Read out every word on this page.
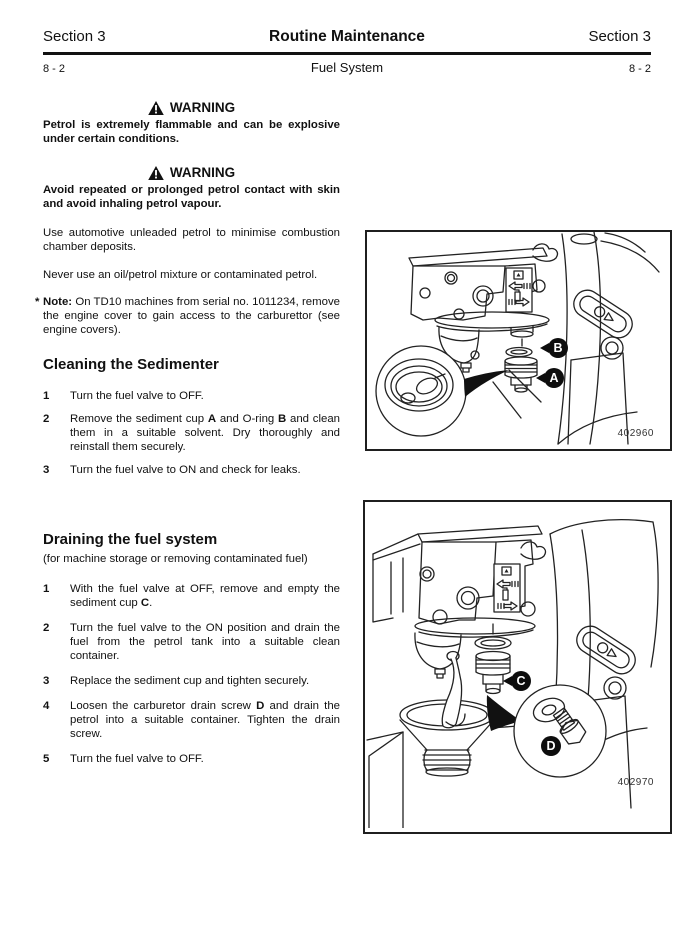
Section 3	Routine Maintenance	Section 3
8 - 2	Fuel System	8 - 2
WARNING
Petrol is extremely flammable and can be explosive under certain conditions.
WARNING
Avoid repeated or prolonged petrol contact with skin and avoid inhaling petrol vapour.
Use automotive unleaded petrol to minimise combustion chamber deposits.
Never use an oil/petrol mixture or contaminated petrol.
* Note: On TD10 machines from serial no. 1011234, remove the engine cover to gain access to the carburettor (see engine covers).
Cleaning the Sedimenter
1	Turn the fuel valve to OFF.
2	Remove the sediment cup A and O-ring B and clean them in a suitable solvent. Dry thoroughly and reinstall them securely.
3	Turn the fuel valve to ON and check for leaks.
Draining the fuel system
(for machine storage or removing contaminated fuel)
1	With the fuel valve at OFF, remove and empty the sediment cup C.
2	Turn the fuel valve to the ON position and drain the fuel from the petrol tank into a suitable clean container.
3	Replace the sediment cup and tighten securely.
4	Loosen the carburetor drain screw D and drain the petrol into a suitable container. Tighten the drain screw.
5	Turn the fuel valve to OFF.
A
B
402960
C
D
402970
